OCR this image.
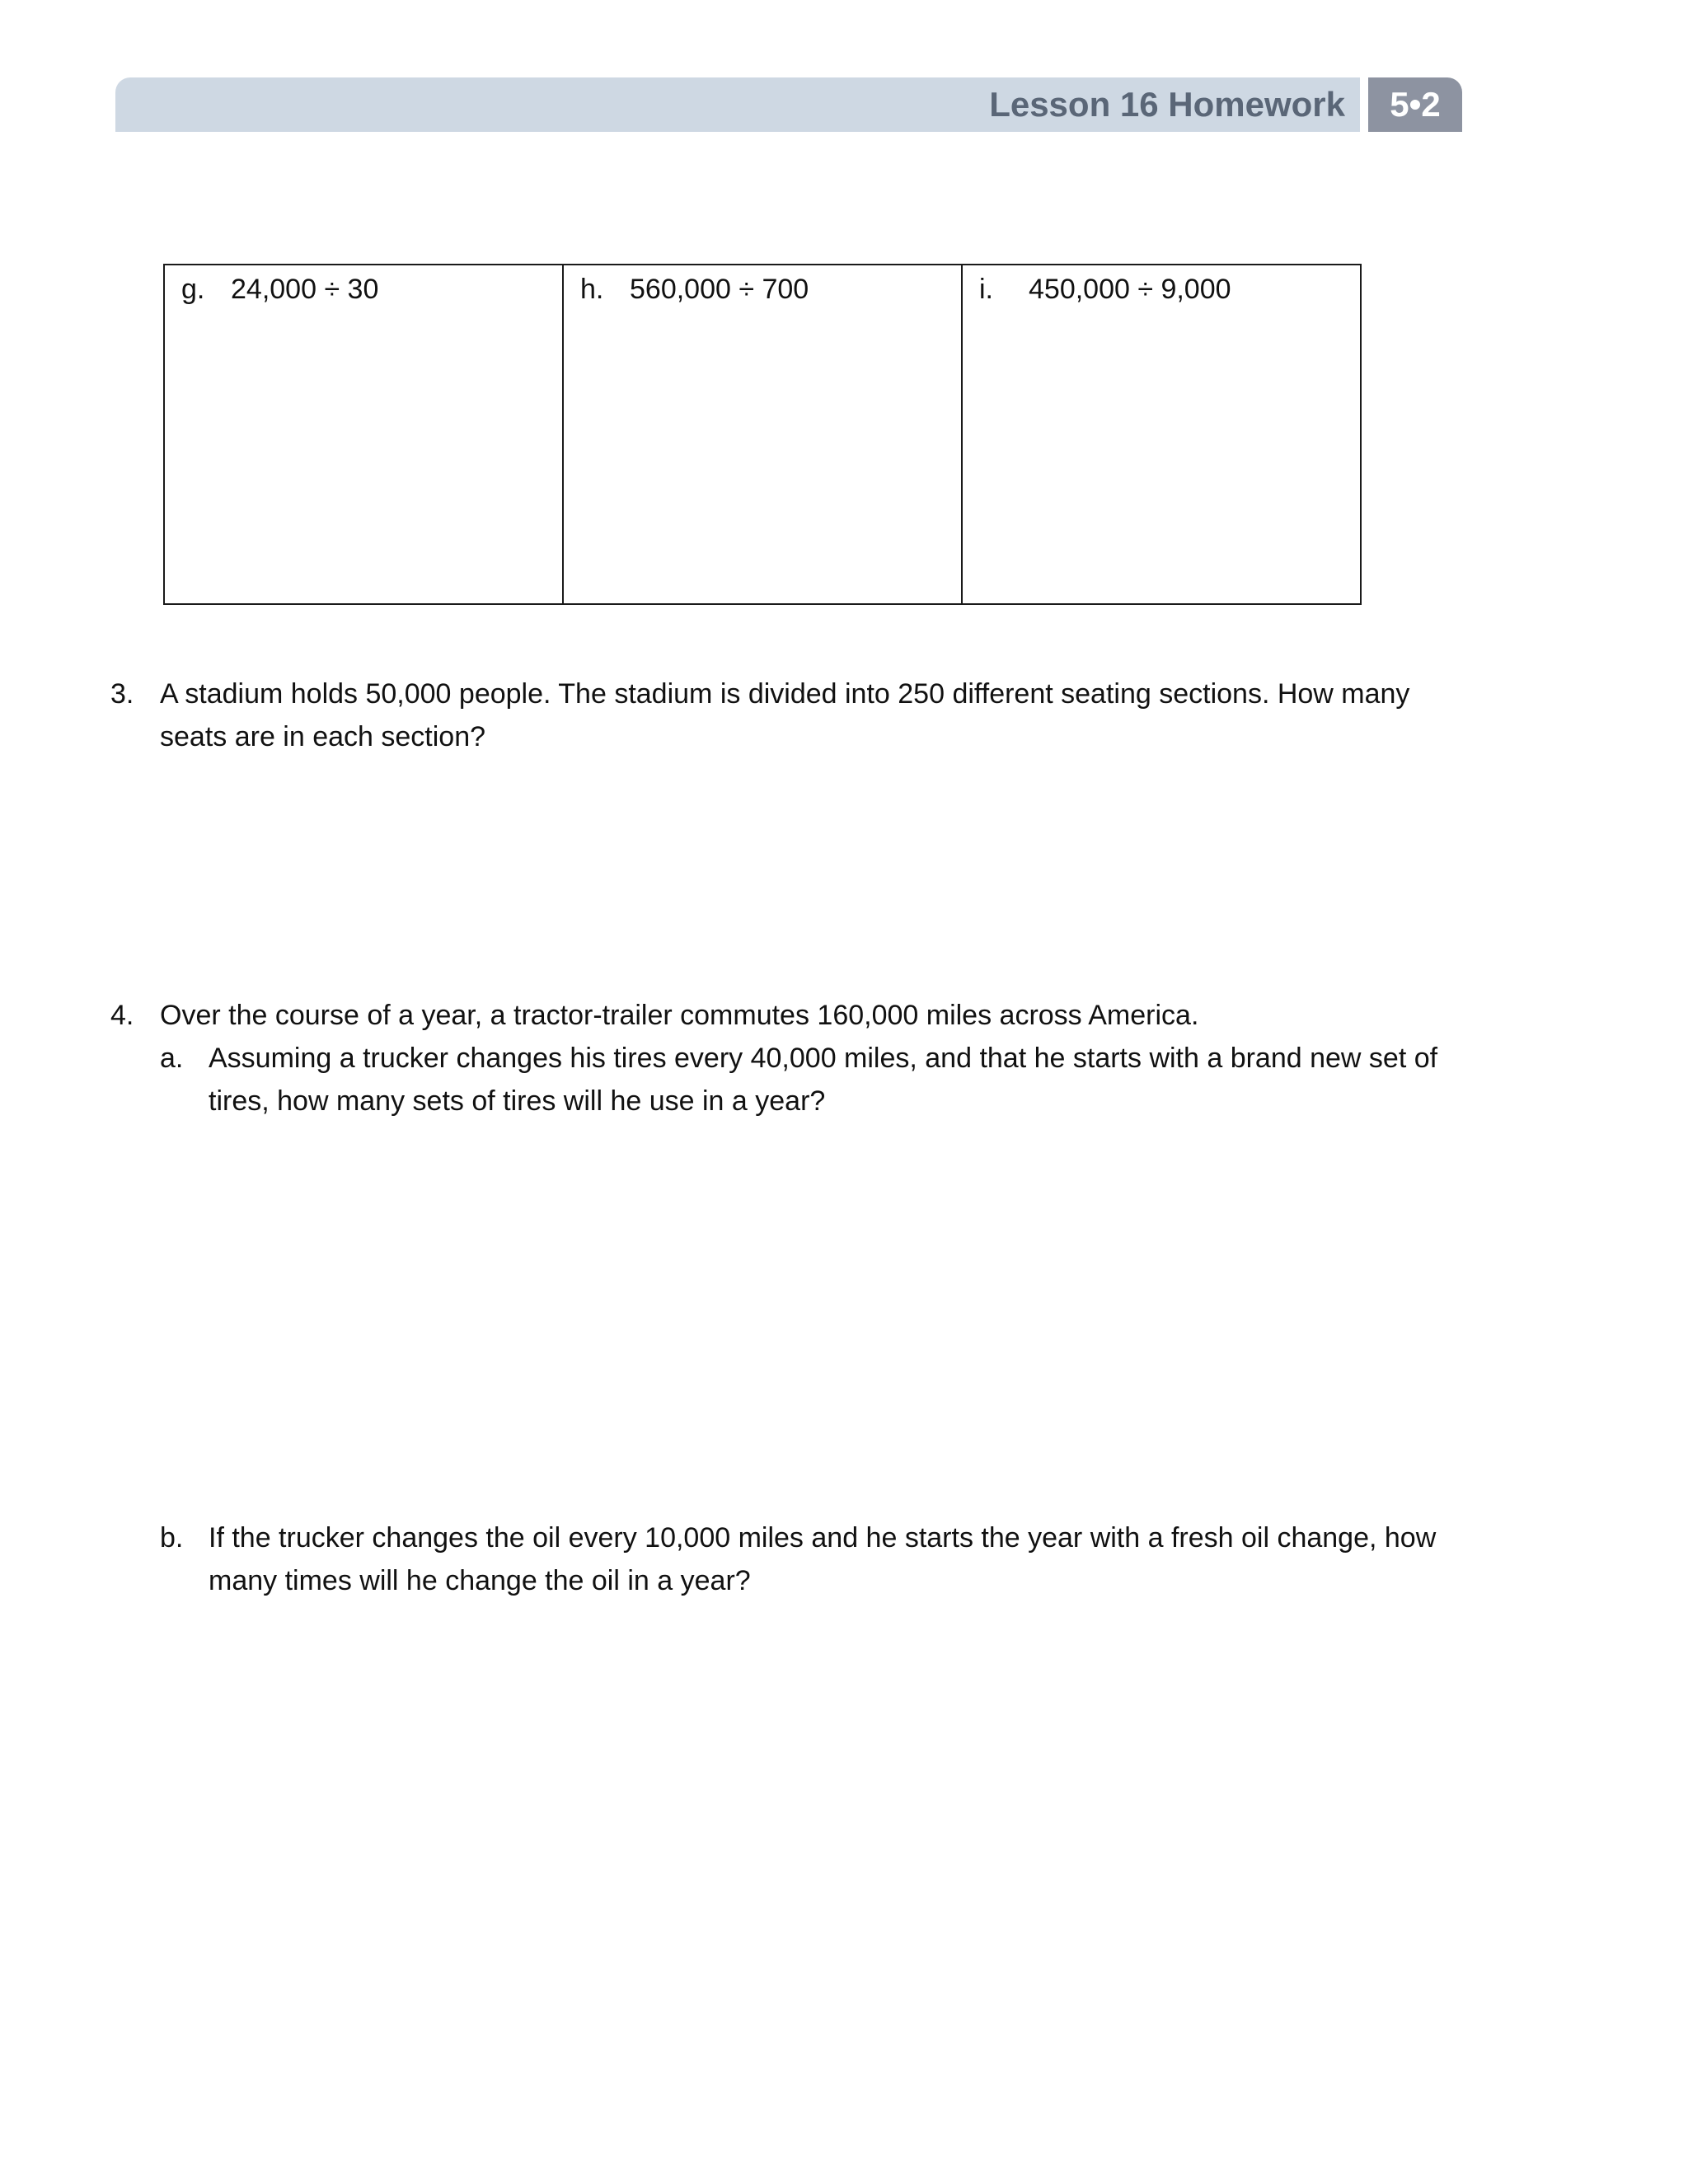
Lesson 16 Homework	5•2
g. 24,000 ÷ 30	h. 560,000 ÷ 700	i. 450,000 ÷ 9,000
3. A stadium holds 50,000 people. The stadium is divided into 250 different seating sections. How many seats are in each section?
4. Over the course of a year, a tractor-trailer commutes 160,000 miles across America.
a. Assuming a trucker changes his tires every 40,000 miles, and that he starts with a brand new set of tires, how many sets of tires will he use in a year?
b. If the trucker changes the oil every 10,000 miles and he starts the year with a fresh oil change, how many times will he change the oil in a year?
